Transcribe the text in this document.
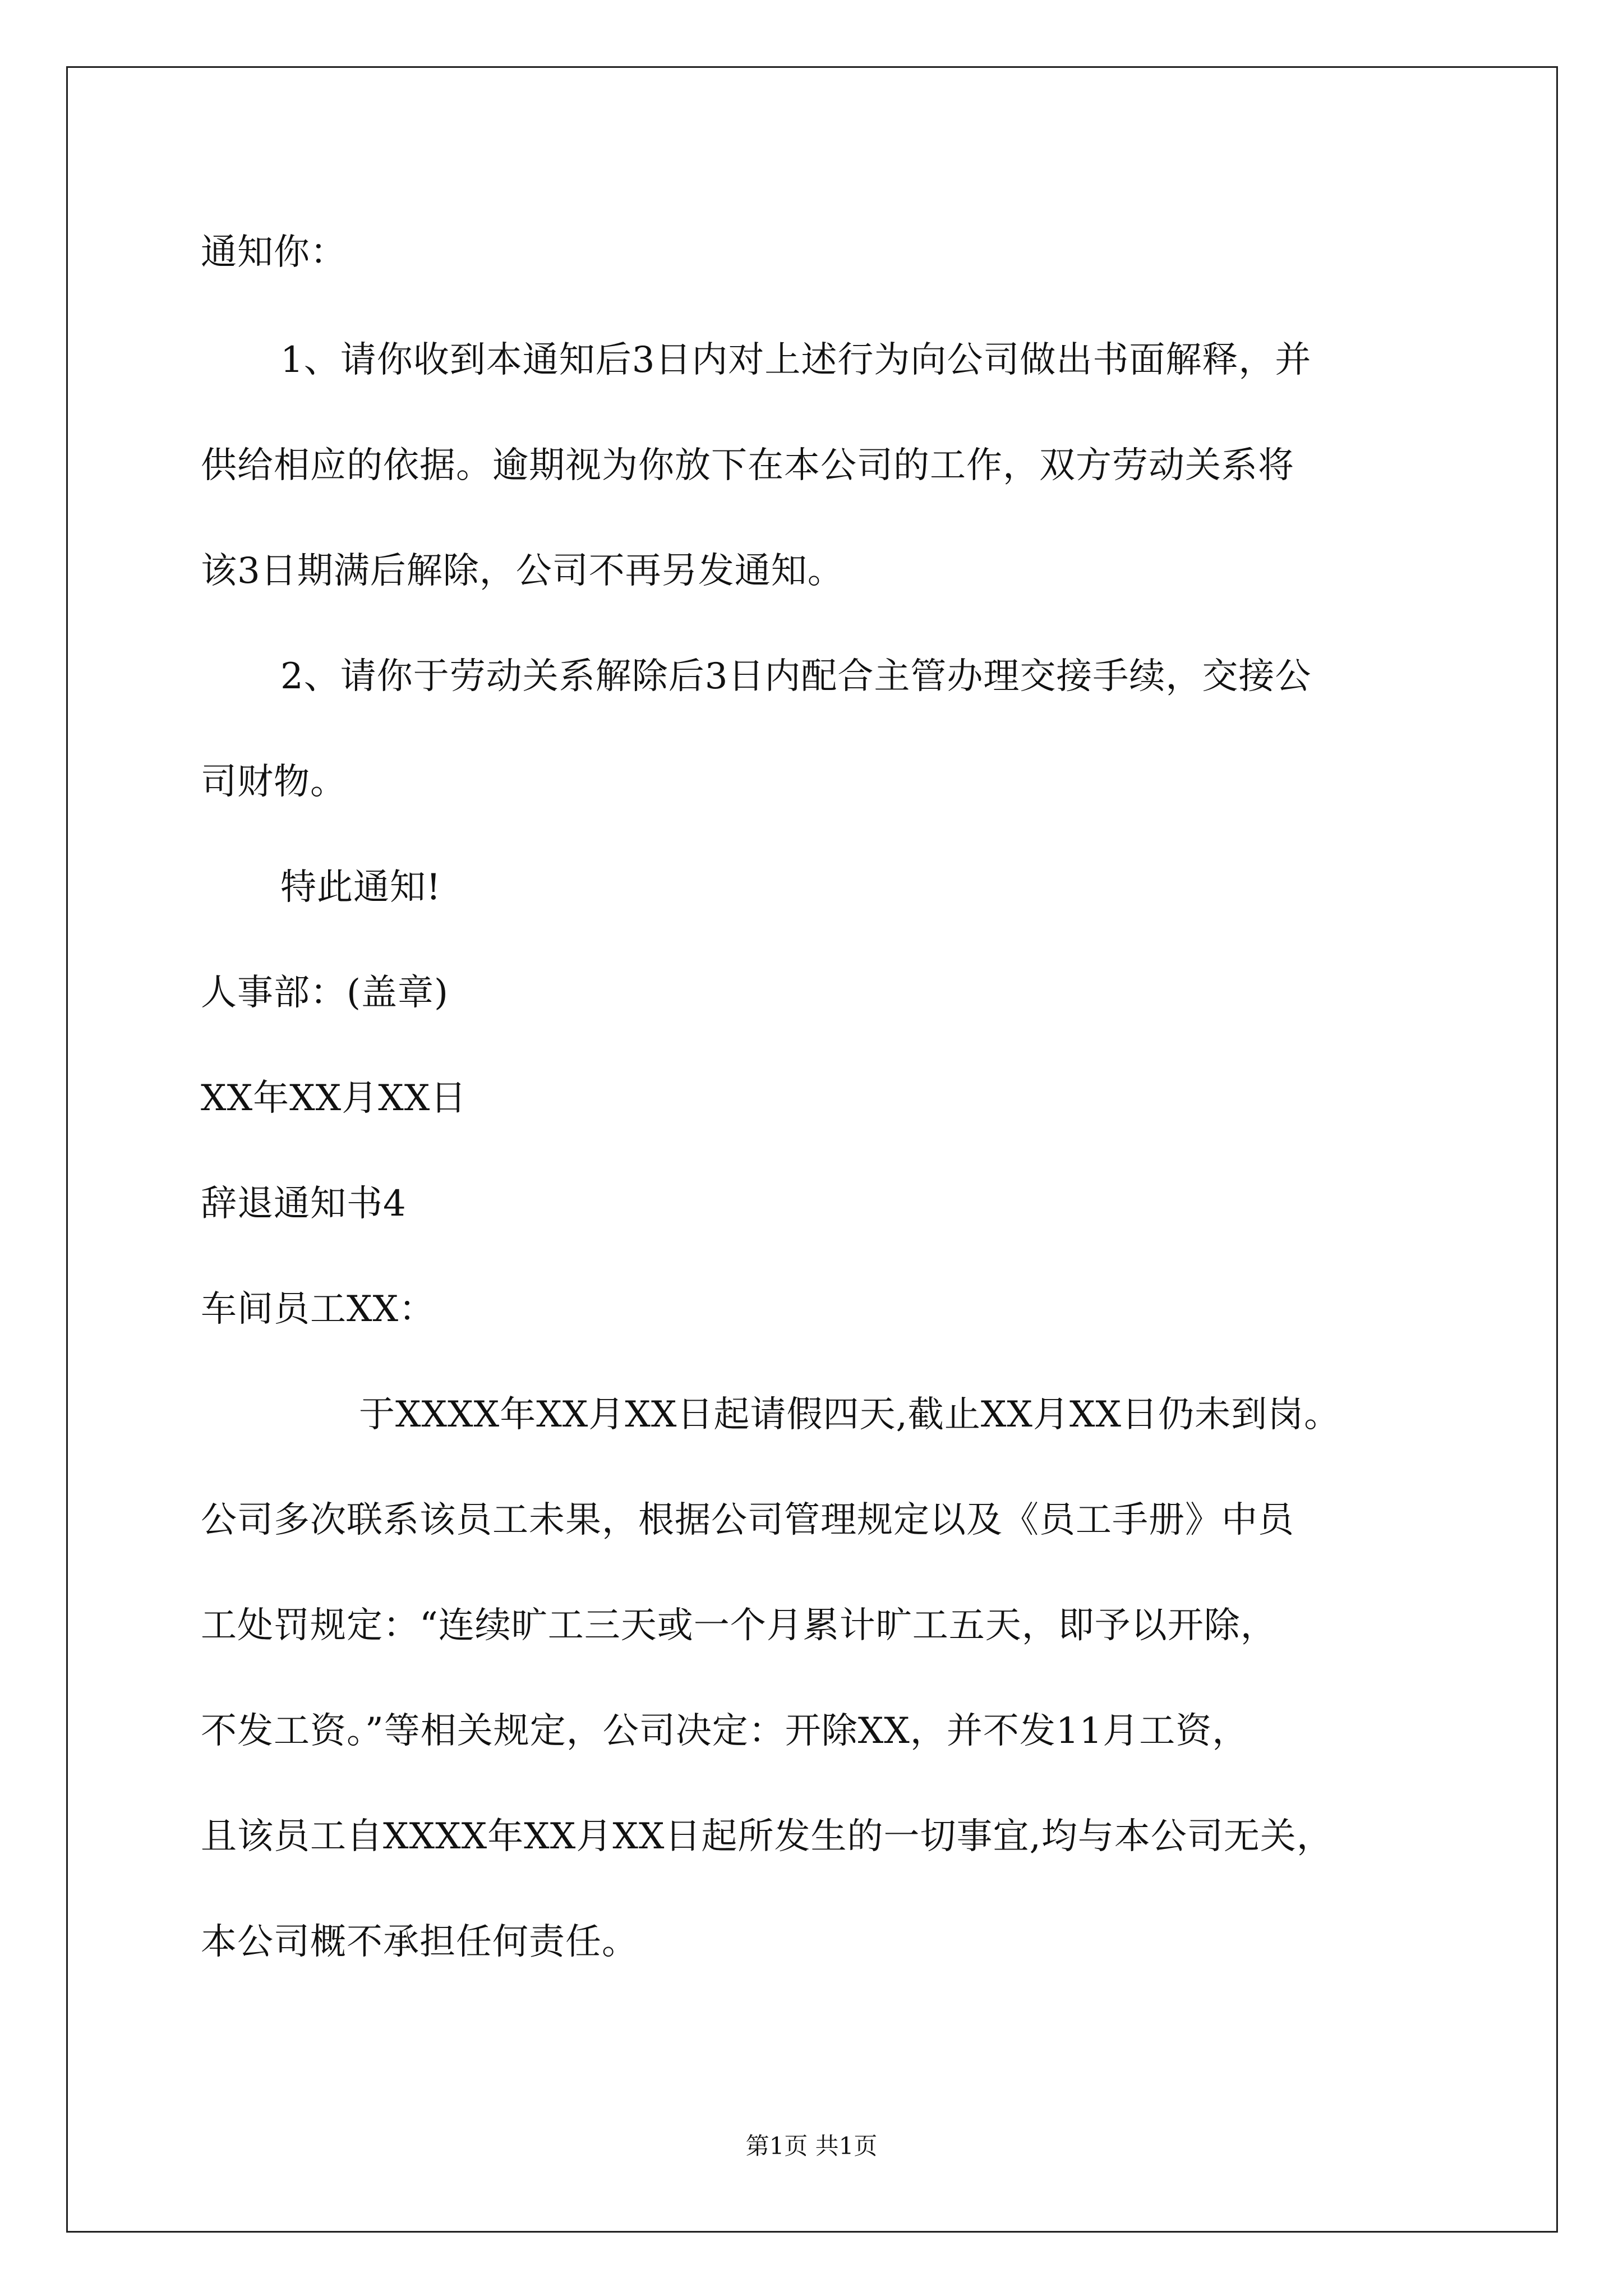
通知你：
1、请你收到本通知后3日内对上述行为向公司做出书面解释，并
供给相应的依据。逾期视为你放下在本公司的工作，双方劳动关系将
该3日期满后解除，公司不再另发通知。
2、请你于劳动关系解除后3日内配合主管办理交接手续，交接公
司财物。
特此通知!
人事部：(盖章)
XX年XX月XX日
辞退通知书4
车间员工XX：
于XXXX年XX月XX日起请假四天,截止XX月XX日仍未到岗。
公司多次联系该员工未果，根据公司管理规定以及《员工手册》中员
工处罚规定：“连续旷工三天或一个月累计旷工五天，即予以开除，
不发工资。”等相关规定，公司决定：开除XX，并不发11月工资，
且该员工自XXXX年XX月XX日起所发生的一切事宜,均与本公司无关，
本公司概不承担任何责任。
第1页 共1页
